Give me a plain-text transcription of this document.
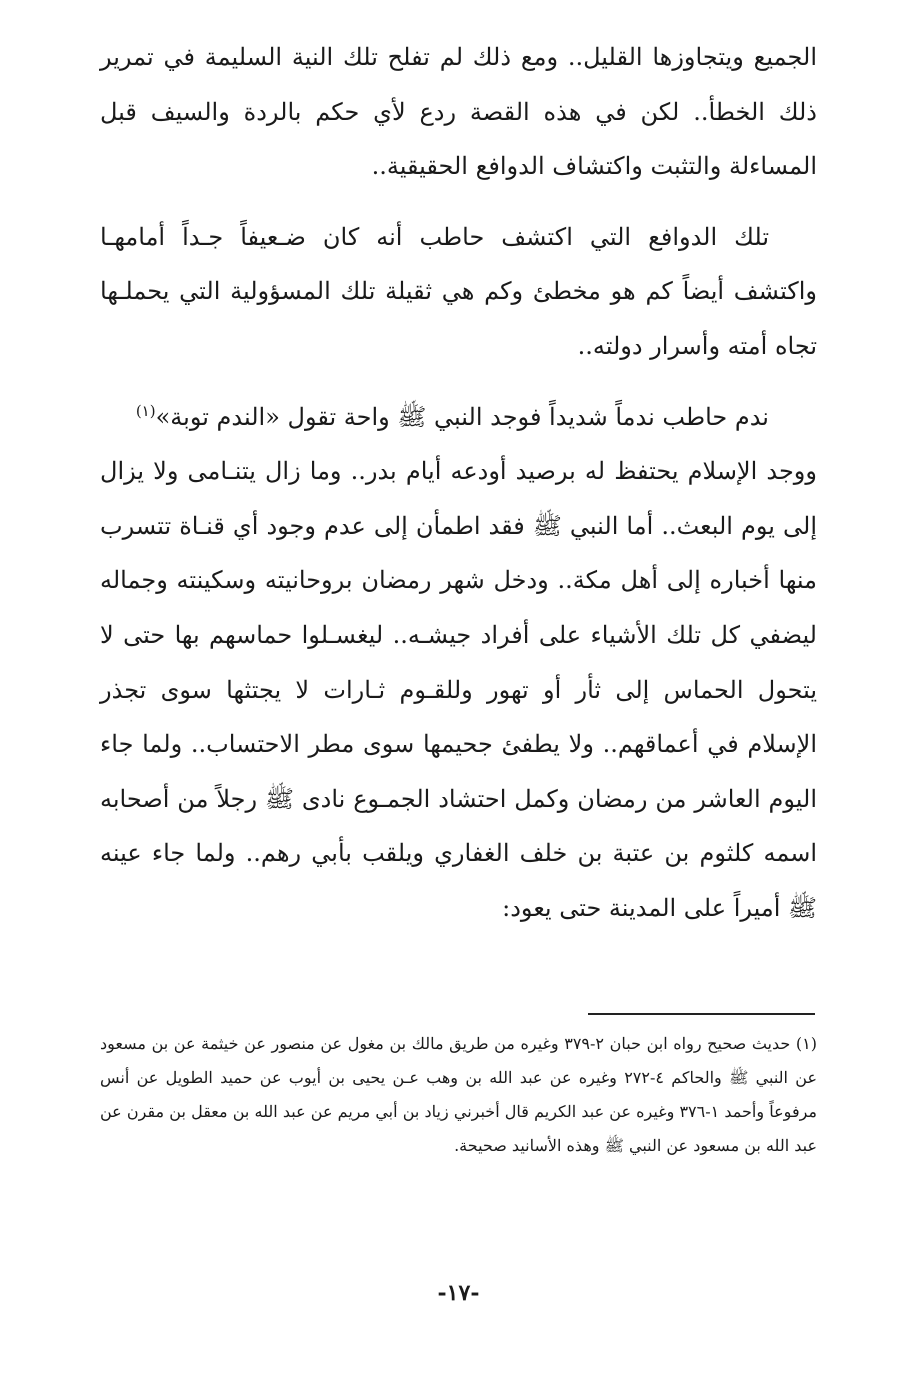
الجميع ويتجاوزها القليل.. ومع ذلك لم تفلح تلك النية السليمة في تمرير ذلك الخطأ.. لكن في هذه القصة ردع لأي حكم بالردة والسيف قبل المساءلة والتثبت واكتشاف الدوافع الحقيقية..

تلك الدوافع التي اكتشف حاطب أنه كان ضـعيفاً جـداً أمامهـا واكتشف أيضاً كم هو مخطئ وكم هي ثقيلة تلك المسؤولية التي يحملـها تجاه أمته وأسرار دولته..

ندم حاطب ندماً شديداً فوجد النبي ﷺ واحة تقول «الندم توبة»$^{(١)}$

ووجد الإسلام يحتفظ له برصيد أودعه أيام بدر.. وما زال يتنـامى ولا يزال إلى يوم البعث.. أما النبي ﷺ فقد اطمأن إلى عدم وجود أي قنـاة تتسرب منها أخباره إلى أهل مكة.. ودخل شهر رمضان بروحانيته وسكينته وجماله ليضفي كل تلك الأشياء على أفراد جيشـه.. ليغسـلوا حماسهم بها حتى لا يتحول الحماس إلى ثأر أو تهور وللقـوم ثـارات لا يجتثها سوى تجذر الإسلام في أعماقهم.. ولا يطفئ جحيمها سوى مطر الاحتساب.. ولما جاء اليوم العاشر من رمضان وكمل احتشاد الجمـوع نادى ﷺ رجلاً من أصحابه اسمه كلثوم بن عتبة بن خلف الغفاري ويلقب بأبي رهم.. ولما جاء عينه ﷺ أميراً على المدينة حتى يعود:

(١) حديث صحيح رواه ابن حبان ٢-٣٧٩ وغيره من طريق مالك بن مغول عن منصور عن خيثمة عن بن مسعود عن النبي ﷺ والحاكم ٤-٢٧٢ وغيره عن عبد الله بن وهب عـن يحيى بن أيوب عن حميد الطويل عن أنس مرفوعاً وأحمد ١-٣٧٦ وغيره عن عبد الكريم قال أخبرني زياد بن أبي مريم عن عبد الله بن معقل بن مقرن عن عبد الله بن مسعود عن النبي ﷺ وهذه الأسانيد صحيحة.

-١٧-
